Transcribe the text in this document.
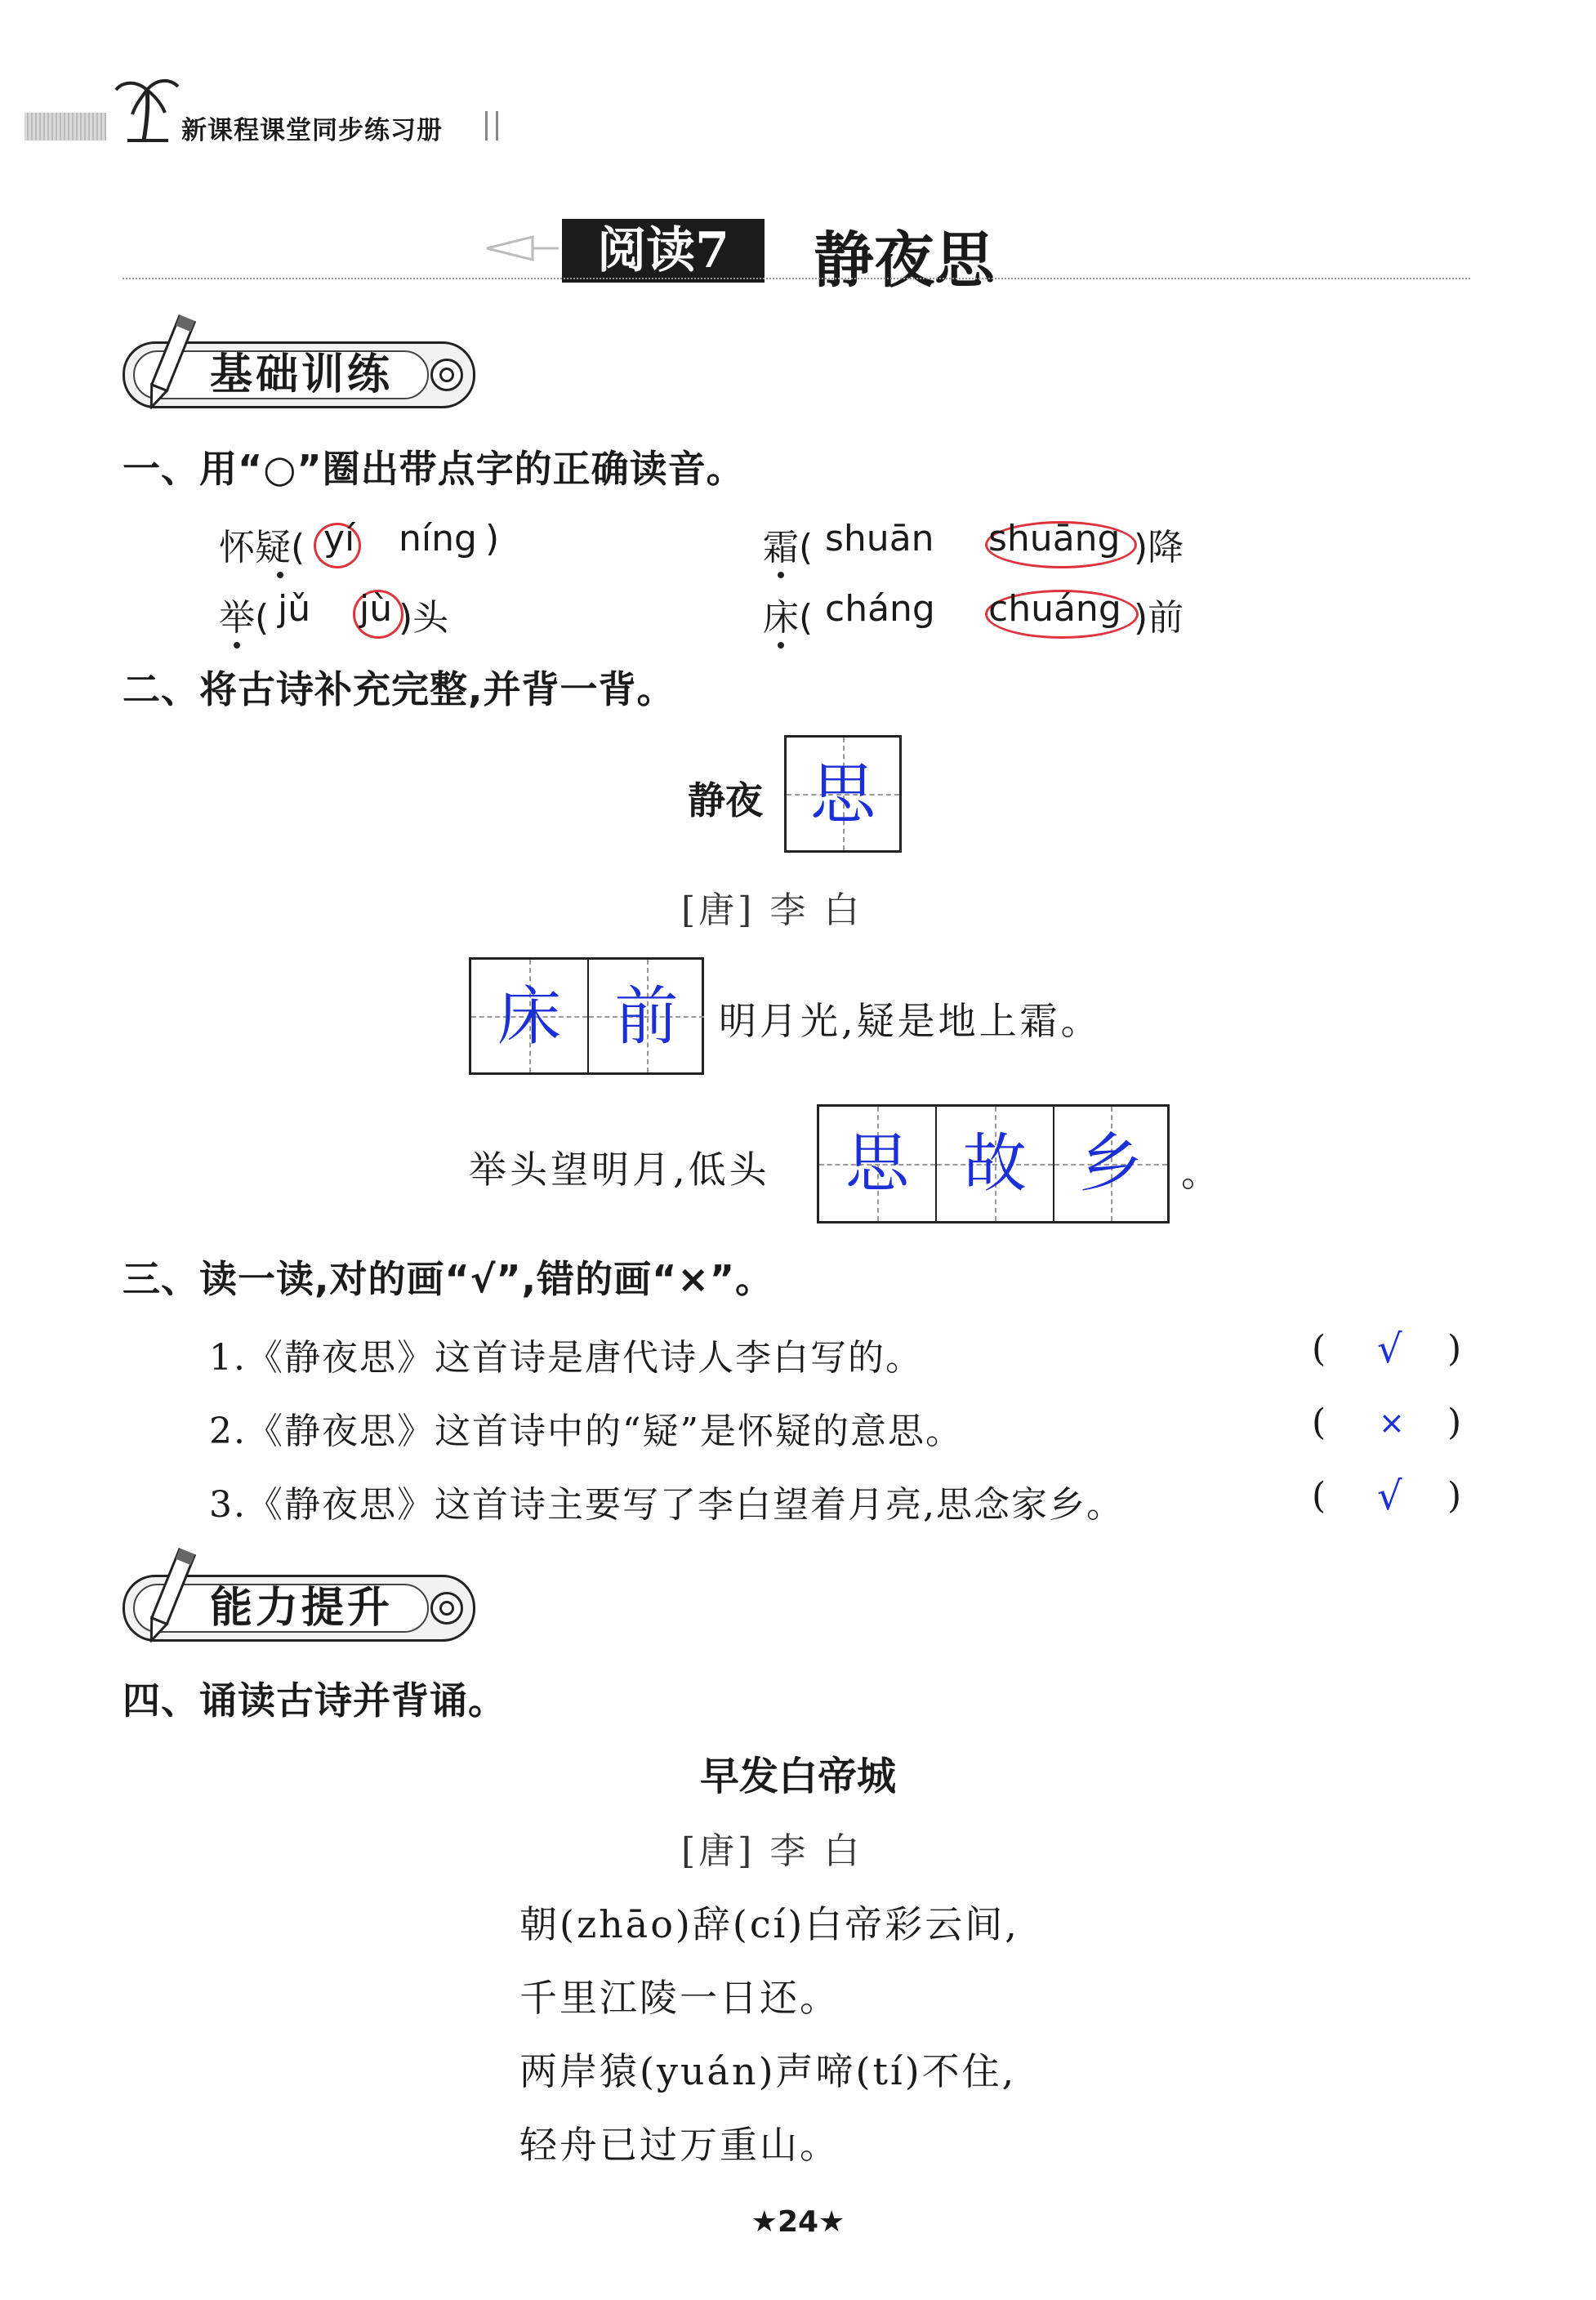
新课程课堂同步练习册
阅读7	静夜思
基础训练
一、用“○”圈出带点字的正确读音。
怀疑( yí níng )	霜( shuān shuāng )降
举( jǔ jù )头	床( cháng chuáng )前
二、将古诗补充完整,并背一背。
静夜 思
[唐] 李 白
床 前	明月光,疑是地上霜。
举头望明月,低头	思 故 乡	。
三、读一读,对的画“√”,错的画“×”。
1.《静夜思》这首诗是唐代诗人李白写的。	( √ )
2.《静夜思》这首诗中的“疑”是怀疑的意思。	( × )
3.《静夜思》这首诗主要写了李白望着月亮,思念家乡。	( √ )
能力提升
四、诵读古诗并背诵。
早发白帝城
[唐] 李 白
朝(zhāo)辞(cí)白帝彩云间,
千里江陵一日还。
两岸猿(yuán)声啼(tí)不住,
轻舟已过万重山。
★24★
